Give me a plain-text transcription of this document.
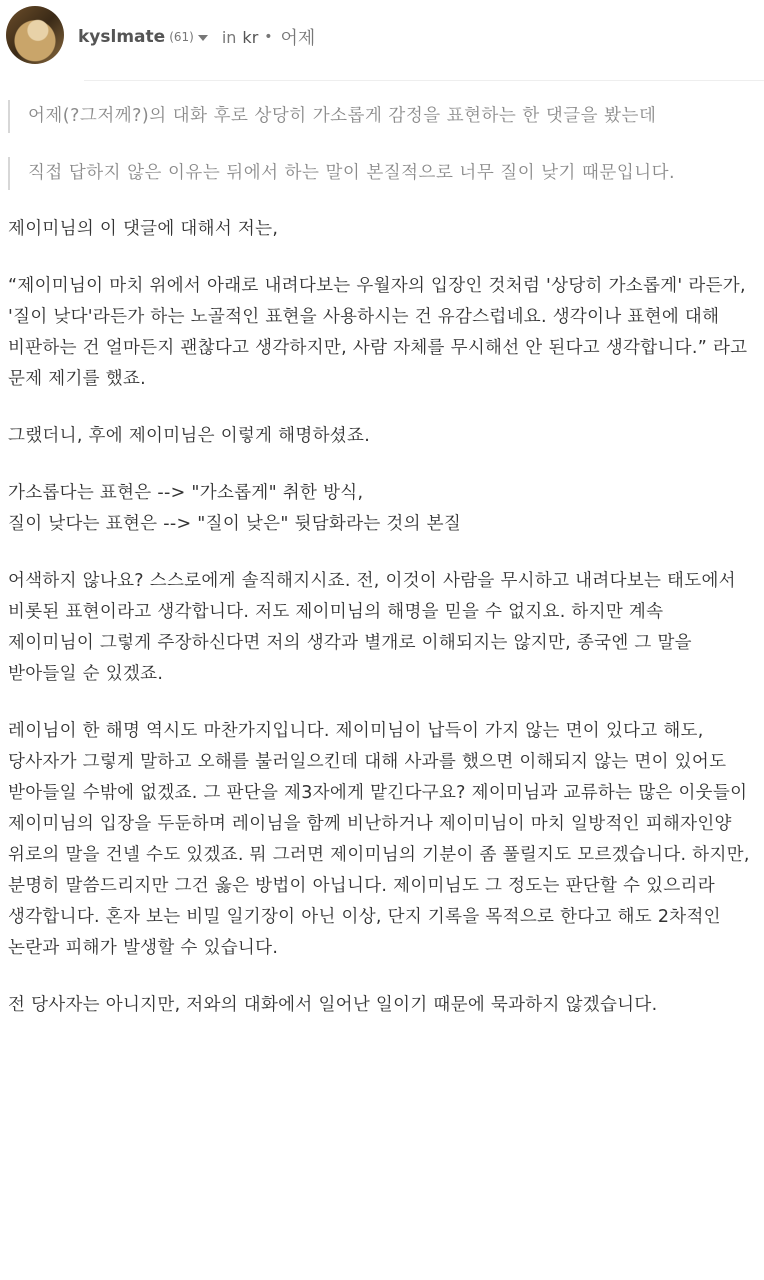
kyslmate (61) in kr • 어제
어제(?그저께?)의 대화 후로 상당히 가소롭게 감정을 표현하는 한 댓글을 봤는데
직접 답하지 않은 이유는 뒤에서 하는 말이 본질적으로 너무 질이 낮기 때문입니다.

제이미님의 이 댓글에 대해서 저는,

“제이미님이 마치 위에서 아래로 내려다보는 우월자의 입장인 것처럼 '상당히 가소롭게' 라든가, '질이 낮다'라든가 하는 노골적인 표현을 사용하시는 건 유감스럽네요. 생각이나 표현에 대해 비판하는 건 얼마든지 괜찮다고 생각하지만, 사람 자체를 무시해선 안 된다고 생각합니다.” 라고 문제 제기를 했죠.

그랬더니, 후에 제이미님은 이렇게 해명하셨죠.

가소롭다는 표현은 --> "가소롭게" 취한 방식,
질이 낮다는 표현은 --> "질이 낮은" 뒷담화라는 것의 본질

어색하지 않나요? 스스로에게 솔직해지시죠. 전, 이것이 사람을 무시하고 내려다보는 태도에서 비롯된 표현이라고 생각합니다. 저도 제이미님의 해명을 믿을 수 없지요. 하지만 계속 제이미님이 그렇게 주장하신다면 저의 생각과 별개로 이해되지는 않지만, 종국엔 그 말을 받아들일 순 있겠죠.

레이님이 한 해명 역시도 마찬가지입니다. 제이미님이 납득이 가지 않는 면이 있다고 해도, 당사자가 그렇게 말하고 오해를 불러일으킨데 대해 사과를 했으면 이해되지 않는 면이 있어도 받아들일 수밖에 없겠죠. 그 판단을 제3자에게 맡긴다구요? 제이미님과 교류하는 많은 이웃들이 제이미님의 입장을 두둔하며 레이님을 함께 비난하거나 제이미님이 마치 일방적인 피해자인양 위로의 말을 건넬 수도 있겠죠. 뭐 그러면 제이미님의 기분이 좀 풀릴지도 모르겠습니다. 하지만, 분명히 말씀드리지만 그건 옳은 방법이 아닙니다. 제이미님도 그 정도는 판단할 수 있으리라 생각합니다. 혼자 보는 비밀 일기장이 아닌 이상, 단지 기록을 목적으로 한다고 해도 2차적인 논란과 피해가 발생할 수 있습니다.

전 당사자는 아니지만, 저와의 대화에서 일어난 일이기 때문에 묵과하지 않겠습니다.
